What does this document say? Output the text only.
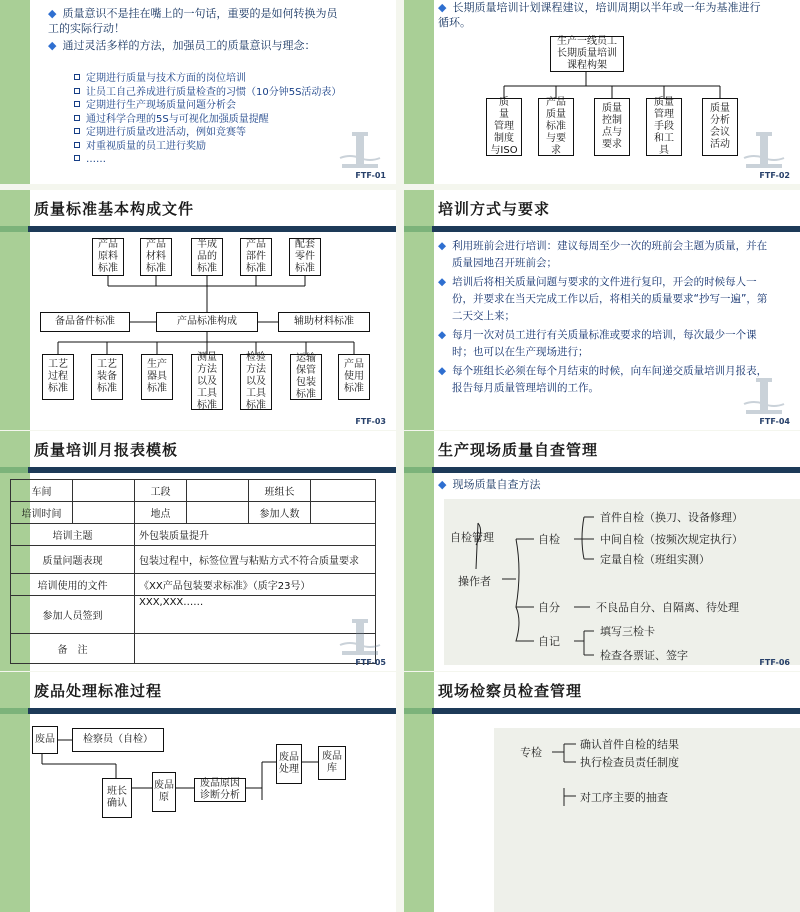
◆ 质量意识不是挂在嘴上的一句话，重要的是如何转换为员工的实际行动！
◆ 通过灵活多样的方法，加强员工的质量意识与理念：
定期进行质量与技术方面的岗位培训
让员工自己养成进行质量检查的习惯（10分钟5S活动表）
定期进行生产现场质量问题分析会
通过科学合理的5S与可视化加强质量提醒
定期进行质量改进活动，例如竞赛等
对重视质量的员工进行奖励
……
FTF-01
◆ 长期质量培训计划课程建议，培训周期以半年或一年为基准进行循环。
生产一线员工
长期质量培训
课程构架
质
量
管理
制度
与ISO
产品
质量
标准
与要
求
质量
控制
点与
要求
质量
管理
手段
和工
具
质量
分析
会议
活动
FTF-02
质量标准基本构成文件
产品
原料
标准
产品
材料
标准
半成
品的
标准
产品
部件
标准
配套
零件
标准
备品备件标准	产品标准构成	辅助材料标准
工艺
过程
标准
工艺
装备
标准
生产
器具
标准
测量
方法
以及
工具
标准
检验
方法
以及
工具
标准
运输
保管
包装
标准
产品
使用
标准
FTF-03
培训方式与要求
◆ 利用班前会进行培训：建议每周至少一次的班前会主题为质量，并在质量园地召开班前会；
◆ 培训后将相关质量问题与要求的文件进行复印，开会的时候每人一份，并要求在当天完成工作以后，将相关的质量要求“抄写一遍”，第二天交上来；
◆ 每月一次对员工进行有关质量标准或要求的培训，每次最少一个课时；也可以在生产现场进行；
◆ 每个班组长必须在每个月结束的时候，向车间递交质量培训月报表，报告每月质量管理培训的工作。
FTF-04
质量培训月报表模板
车间		工段		班组长	
培训时间		地点		参加人数	
培训主题		外包装质量提升			
质量问题表现		包装过程中，标签位置与粘贴方式不符合质量要求			
培训使用的文件		《XX产品包装要求标准》（质字23号）			
参加人员签到		XXX,XXX……			
备　注					
FTF-05
生产现场质量自查管理
◆ 现场质量自查方法
自检管理
操作者
自检
自分
自记
首件自检（换刀、设备修理）
中间自检（按频次规定执行）
定量自检（班组实测）
不良品自分、自隔离、待处理
填写三检卡
检查各票证、签字
FTF-06
废品处理标准过程
废品	检察员（自检）
班长
确认
废品
原
废品原因
诊断分析
废品
处理
废品库
现场检察员检查管理
专检
确认首件自检的结果
执行检查员责任制度
对工序主要的抽查
